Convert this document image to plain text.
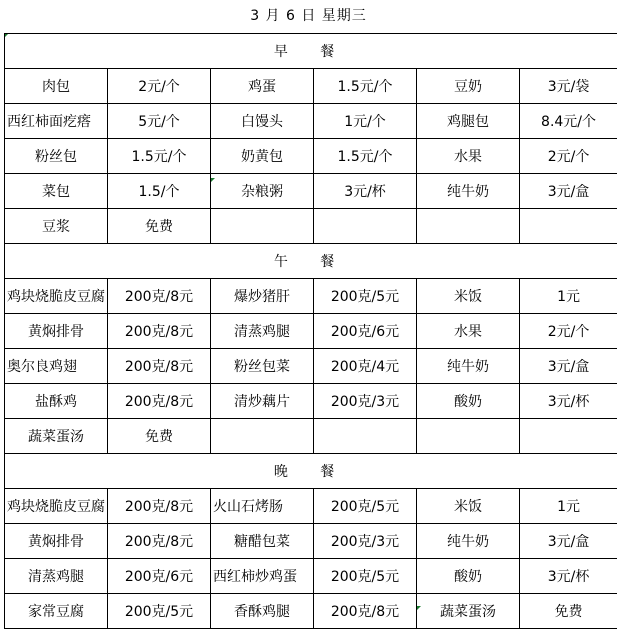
3 月 6 日 星期三
早 餐					
肉包	2元/个	鸡蛋	1.5元/个	豆奶	3元/袋
西红柿面疙瘩	5元/个	白馒头	1元/个	鸡腿包	8.4元/个
粉丝包	1.5元/个	奶黄包	1.5元/个	水果	2元/个
菜包	1.5/个	杂粮粥	3元/杯	纯牛奶	3元/盒
豆浆	免费				
午 餐					
鸡块烧脆皮豆腐	200克/8元	爆炒猪肝	200克/5元	米饭	1元
黄焖排骨	200克/8元	清蒸鸡腿	200克/6元	水果	2元/个
奥尔良鸡翅	200克/8元	粉丝包菜	200克/4元	纯牛奶	3元/盒
盐酥鸡	200克/8元	清炒藕片	200克/3元	酸奶	3元/杯
蔬菜蛋汤	免费				
晚 餐					
鸡块烧脆皮豆腐	200克/8元	火山石烤肠	200克/5元	米饭	1元
黄焖排骨	200克/8元	糖醋包菜	200克/3元	纯牛奶	3元/盒
清蒸鸡腿	200克/6元	西红柿炒鸡蛋	200克/5元	酸奶	3元/杯
家常豆腐	200克/5元	香酥鸡腿	200克/8元	蔬菜蛋汤	免费
